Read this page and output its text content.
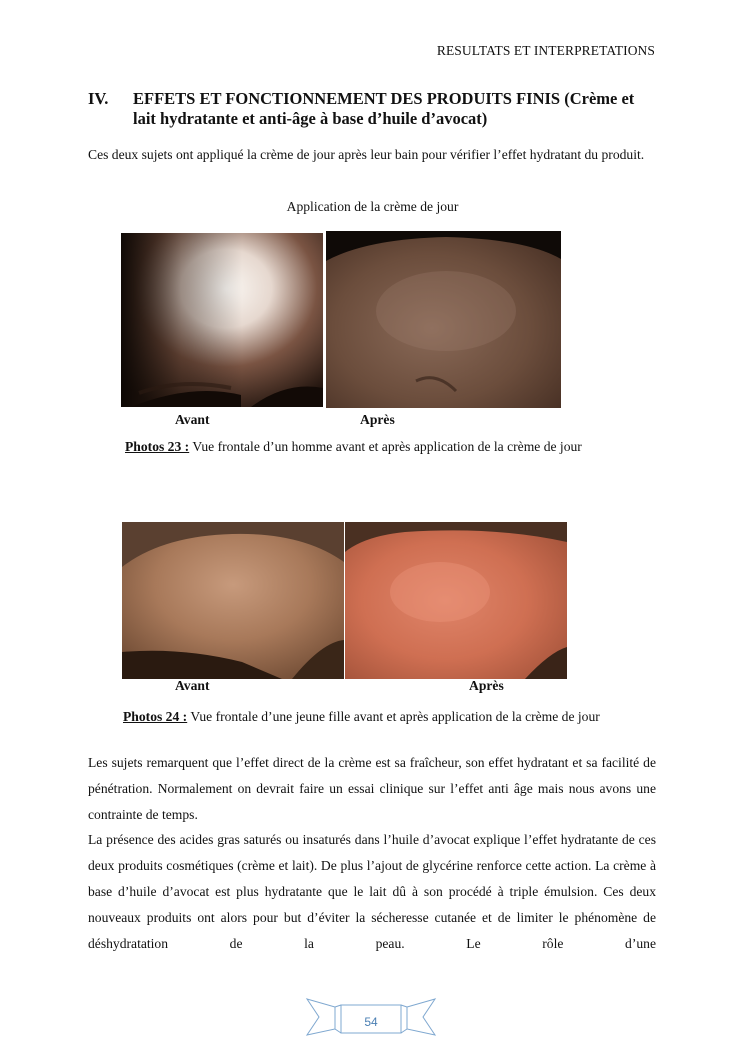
RESULTATS ET INTERPRETATIONS
IV.	EFFETS ET FONCTIONNEMENT DES PRODUITS FINIS (Crème et lait hydratante et anti-âge à base d’huile d’avocat)
Ces deux sujets ont appliqué la crème de jour après leur bain pour vérifier l’effet hydratant du produit.
Application de la crème de jour
Avant	Après
Photos 23 : Vue frontale d’un homme avant et après application de la crème de jour
Avant	Après
Photos 24 : Vue frontale d’une jeune fille avant et après application de la crème de jour
Les sujets remarquent que l’effet direct de la crème est sa fraîcheur, son effet hydratant et sa facilité de pénétration. Normalement on devrait faire un essai clinique sur l’effet anti âge mais nous avons une contrainte de temps.
La présence des acides gras saturés ou insaturés dans l’huile d’avocat explique l’effet hydratante de ces deux produits cosmétiques (crème et lait). De plus l’ajout de glycérine renforce cette action. La crème à base d’huile d’avocat est plus hydratante que le lait dû à son procédé à triple émulsion. Ces deux nouveaux produits ont alors pour but d’éviter la sécheresse cutanée et de limiter le phénomène de déshydratation de la peau. Le rôle d’une
54
